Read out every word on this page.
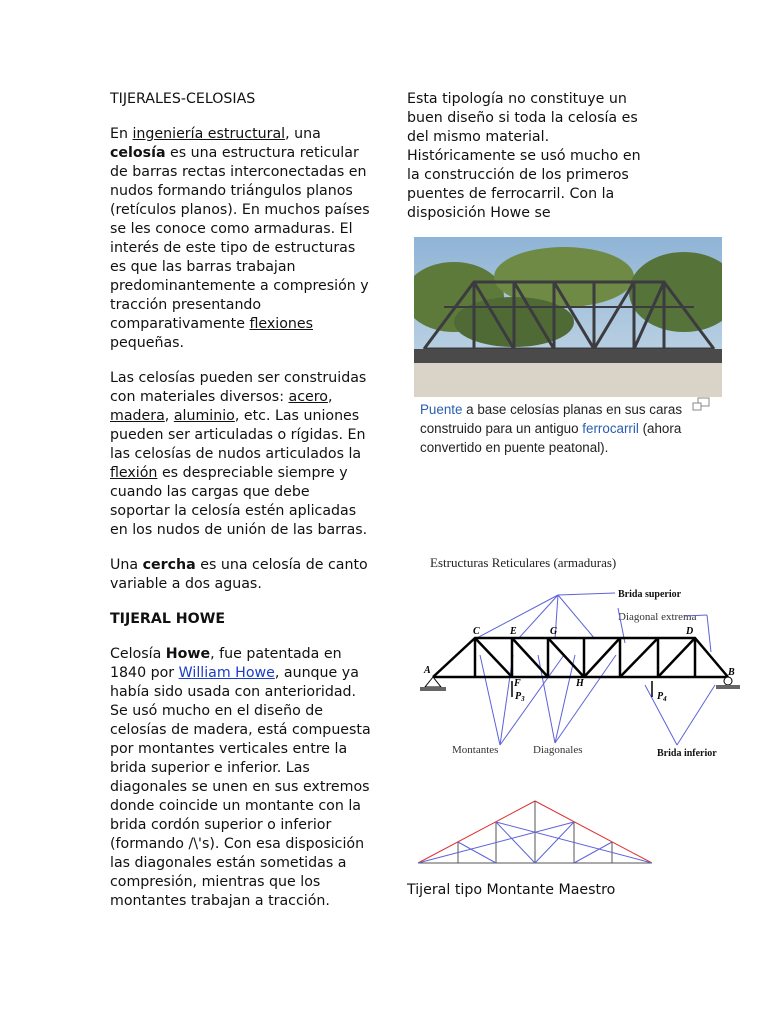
TIJERALES-CELOSIAS

En ingeniería estructural, una celosía es una estructura reticular de barras rectas interconectadas en nudos formando triángulos planos (retículos planos). En muchos países se les conoce como armaduras. El interés de este tipo de estructuras es que las barras trabajan predominantemente a compresión y tracción presentando comparativamente flexiones pequeñas.

Las celosías pueden ser construidas con materiales diversos: acero, madera, aluminio, etc. Las uniones pueden ser articuladas o rígidas. En las celosías de nudos articulados la flexión es despreciable siempre y cuando las cargas que debe soportar la celosía estén aplicadas en los nudos de unión de las barras.

Una cercha es una celosía de canto variable a dos aguas.

TIJERAL HOWE

Celosía Howe, fue patentada en 1840 por William Howe, aunque ya había sido usada con anterioridad. Se usó mucho en el diseño de celosías de madera, está compuesta por montantes verticales entre la brida superior e inferior. Las diagonales se unen en sus extremos donde coincide un montante con la brida cordón superior o inferior (formando /\'s). Con esa disposición las diagonales están sometidas a compresión, mientras que los montantes trabajan a tracción.

Esta tipología no constituye un buen diseño si toda la celosía es del mismo material. Históricamente se usó mucho en la construcción de los primeros puentes de ferrocarril. Con la disposición Howe se

Puente a base celosías planas en sus caras construido para un antiguo ferrocarril (ahora convertido en puente peatonal).
Estructuras Reticulares (armaduras)
Brida superior
Diagonal extrema
Montantes	Diagonales	Brida inferior
A	B
C	D
E
F
G
H
$P_3$	$P_4$
Tijeral tipo Montante Maestro
